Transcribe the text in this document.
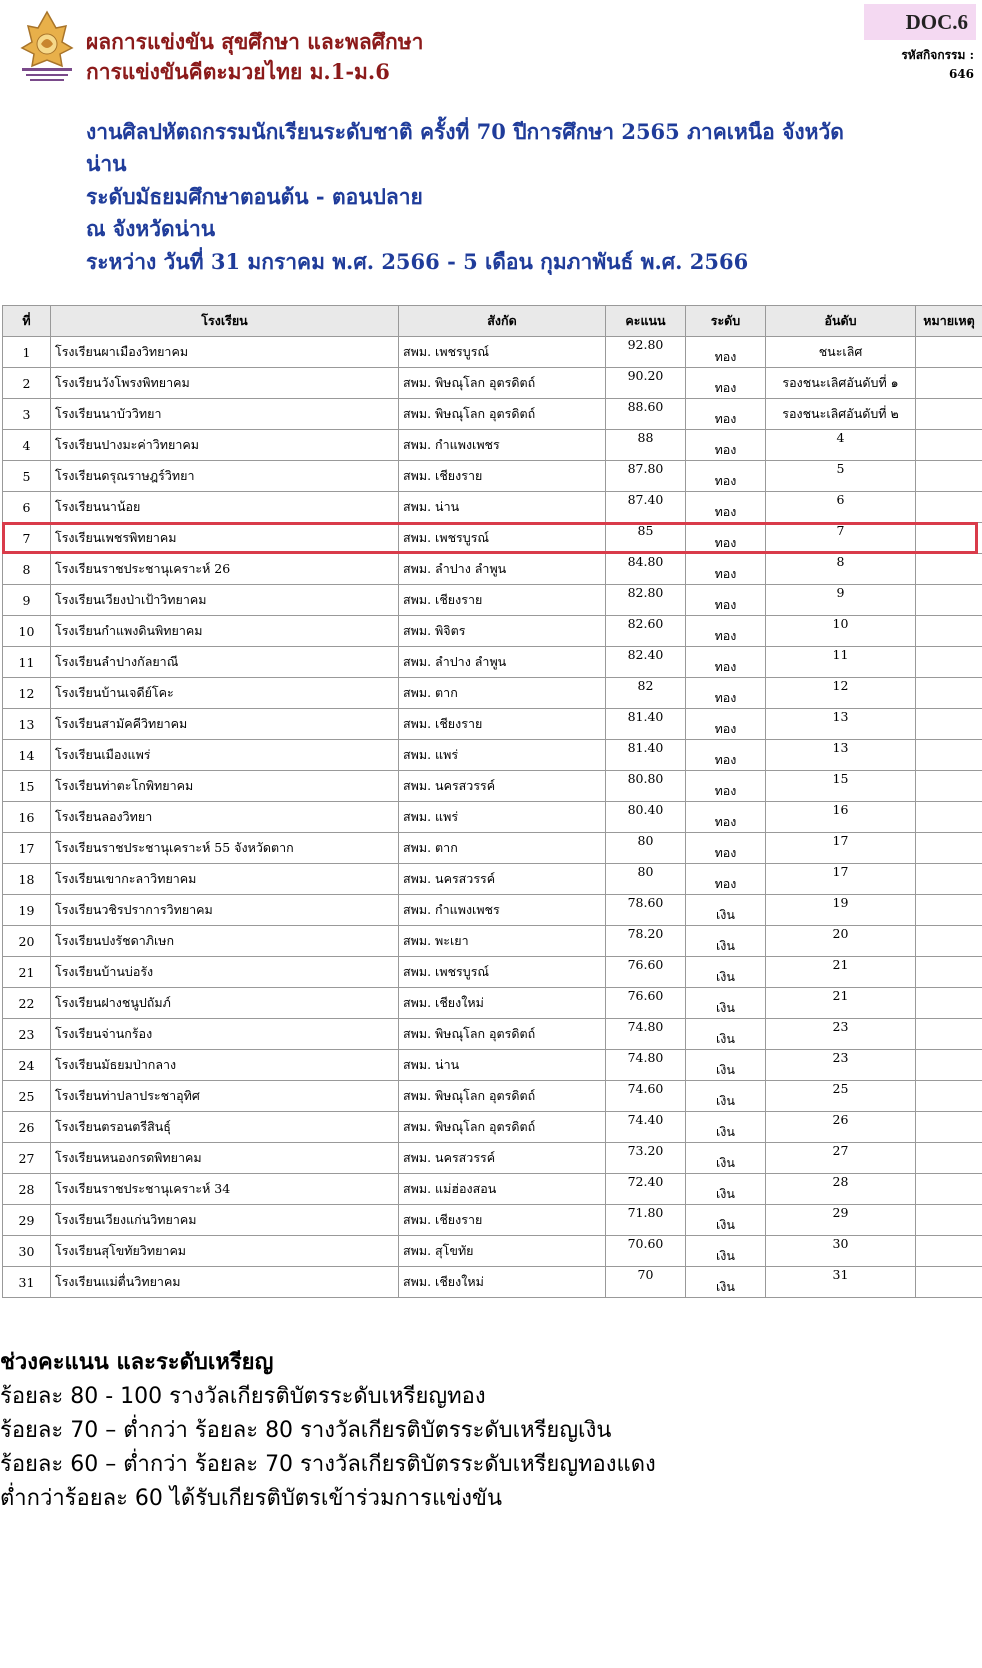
ผลการแข่งขัน สุขศึกษา และพลศึกษา
การแข่งขันคีตะมวยไทย ม.1-ม.6
DOC.6
รหัสกิจกรรม :
646
งานศิลปหัตถกรรมนักเรียนระดับชาติ ครั้งที่ 70 ปีการศึกษา 2565 ภาคเหนือ จังหวัด
น่าน
ระดับมัธยมศึกษาตอนต้น - ตอนปลาย
ณ จังหวัดน่าน
ระหว่าง วันที่ 31 มกราคม พ.ศ. 2566 - 5 เดือน กุมภาพันธ์ พ.ศ. 2566
ที่	โรงเรียน	สังกัด	คะแนน	ระดับ	อันดับ	หมายเหตุ
1	โรงเรียนผาเมืองวิทยาคม	สพม. เพชรบูรณ์	92.80	ทอง	ชนะเลิศ	
2	โรงเรียนวังโพรงพิทยาคม	สพม. พิษณุโลก อุตรดิตถ์	90.20	ทอง	รองชนะเลิศอันดับที่ ๑	
3	โรงเรียนนาบัววิทยา	สพม. พิษณุโลก อุตรดิตถ์	88.60	ทอง	รองชนะเลิศอันดับที่ ๒	
4	โรงเรียนปางมะค่าวิทยาคม	สพม. กำแพงเพชร	88	ทอง	4	
5	โรงเรียนดรุณราษฎร์วิทยา	สพม. เชียงราย	87.80	ทอง	5	
6	โรงเรียนนาน้อย	สพม. น่าน	87.40	ทอง	6	
7	โรงเรียนเพชรพิทยาคม	สพม. เพชรบูรณ์	85	ทอง	7	
8	โรงเรียนราชประชานุเคราะห์ 26	สพม. ลำปาง ลำพูน	84.80	ทอง	8	
9	โรงเรียนเวียงป่าเป้าวิทยาคม	สพม. เชียงราย	82.80	ทอง	9	
10	โรงเรียนกำแพงดินพิทยาคม	สพม. พิจิตร	82.60	ทอง	10	
11	โรงเรียนลำปางกัลยาณี	สพม. ลำปาง ลำพูน	82.40	ทอง	11	
12	โรงเรียนบ้านเจดีย์โคะ	สพม. ตาก	82	ทอง	12	
13	โรงเรียนสามัคคีวิทยาคม	สพม. เชียงราย	81.40	ทอง	13	
14	โรงเรียนเมืองแพร่	สพม. แพร่	81.40	ทอง	13	
15	โรงเรียนท่าตะโกพิทยาคม	สพม. นครสวรรค์	80.80	ทอง	15	
16	โรงเรียนลองวิทยา	สพม. แพร่	80.40	ทอง	16	
17	โรงเรียนราชประชานุเคราะห์ 55 จังหวัดตาก	สพม. ตาก	80	ทอง	17	
18	โรงเรียนเขากะลาวิทยาคม	สพม. นครสวรรค์	80	ทอง	17	
19	โรงเรียนวชิรปราการวิทยาคม	สพม. กำแพงเพชร	78.60	เงิน	19	
20	โรงเรียนปงรัชดาภิเษก	สพม. พะเยา	78.20	เงิน	20	
21	โรงเรียนบ้านบ่อรัง	สพม. เพชรบูรณ์	76.60	เงิน	21	
22	โรงเรียนฝางชนูปถัมภ์	สพม. เชียงใหม่	76.60	เงิน	21	
23	โรงเรียนจ่านกร้อง	สพม. พิษณุโลก อุตรดิตถ์	74.80	เงิน	23	
24	โรงเรียนมัธยมป่ากลาง	สพม. น่าน	74.80	เงิน	23	
25	โรงเรียนท่าปลาประชาอุทิศ	สพม. พิษณุโลก อุตรดิตถ์	74.60	เงิน	25	
26	โรงเรียนตรอนตรีสินธุ์	สพม. พิษณุโลก อุตรดิตถ์	74.40	เงิน	26	
27	โรงเรียนหนองกรดพิทยาคม	สพม. นครสวรรค์	73.20	เงิน	27	
28	โรงเรียนราชประชานุเคราะห์ 34	สพม. แม่ฮ่องสอน	72.40	เงิน	28	
29	โรงเรียนเวียงแก่นวิทยาคม	สพม. เชียงราย	71.80	เงิน	29	
30	โรงเรียนสุโขทัยวิทยาคม	สพม. สุโขทัย	70.60	เงิน	30	
31	โรงเรียนแม่ตื่นวิทยาคม	สพม. เชียงใหม่	70	เงิน	31	
ช่วงคะแนน และระดับเหรียญ
ร้อยละ 80 - 100 รางวัลเกียรติบัตรระดับเหรียญทอง
ร้อยละ 70 – ต่ำกว่า ร้อยละ 80 รางวัลเกียรติบัตรระดับเหรียญเงิน
ร้อยละ 60 – ต่ำกว่า ร้อยละ 70 รางวัลเกียรติบัตรระดับเหรียญทองแดง
ต่ำกว่าร้อยละ 60 ได้รับเกียรติบัตรเข้าร่วมการแข่งขัน
